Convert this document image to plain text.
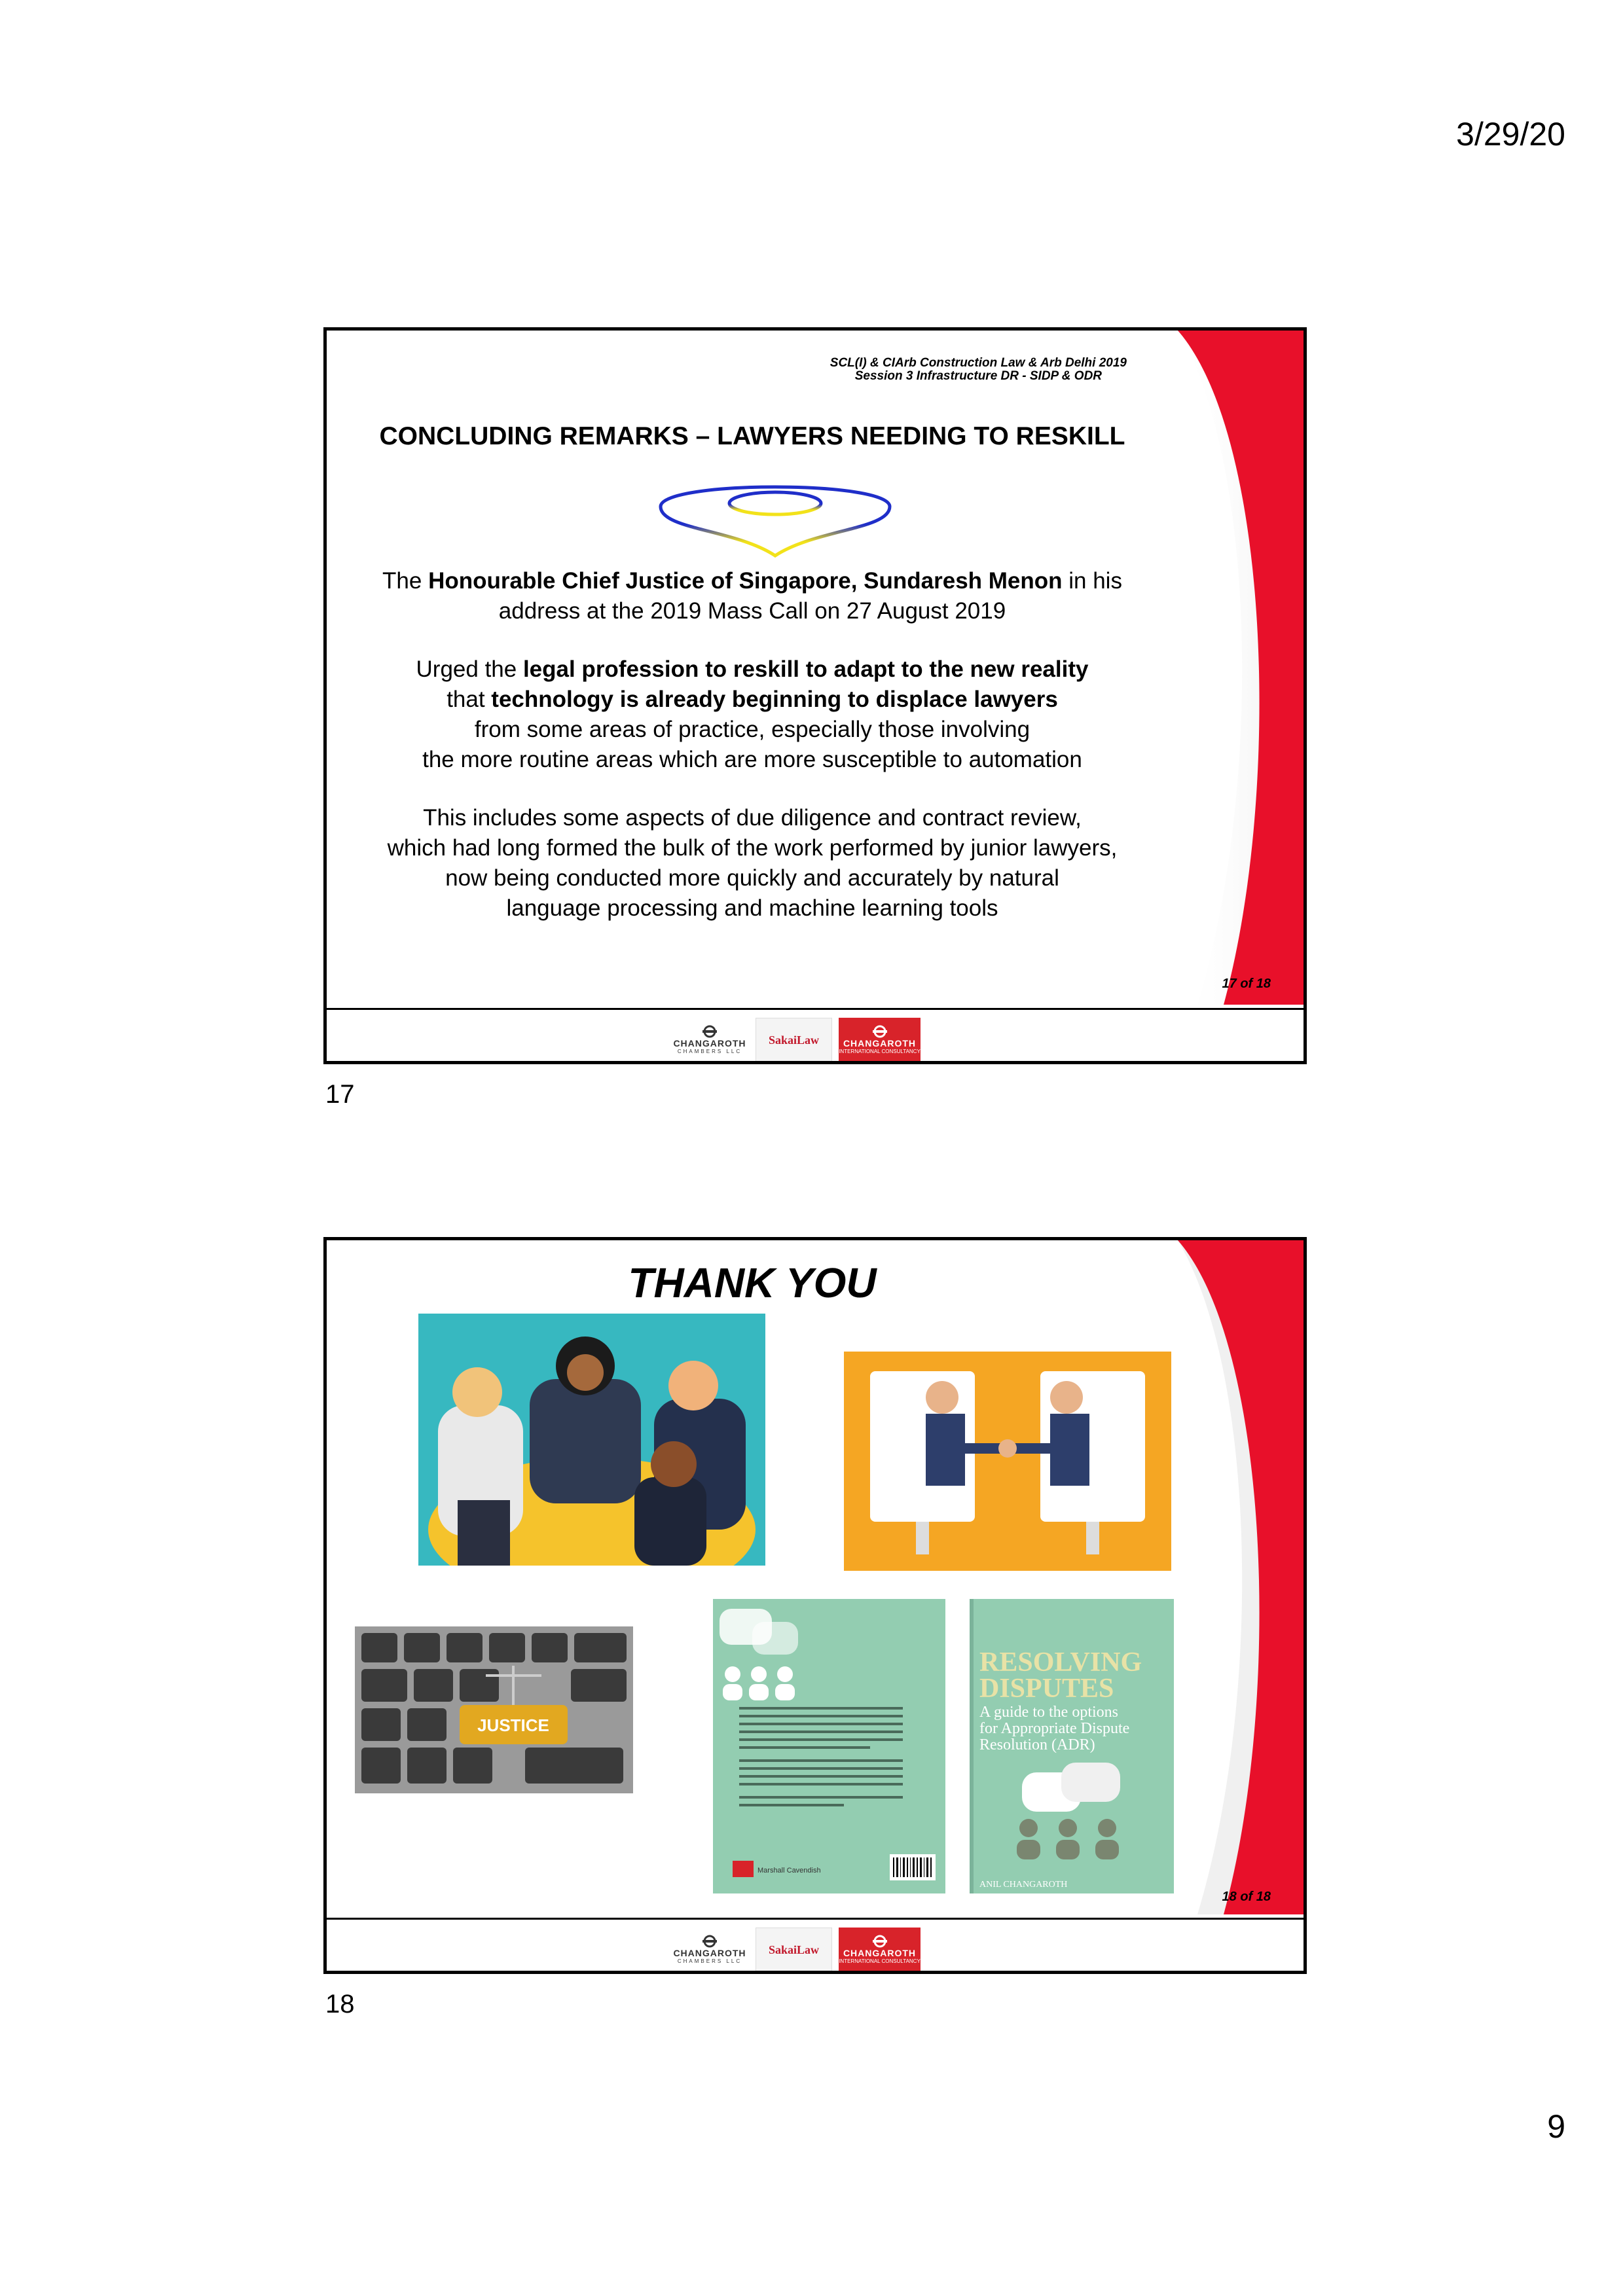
3/29/20
SCL(I) & CIArb Construction Law & Arb Delhi 2019
Session 3 Infrastructure DR - SIDP & ODR
CONCLUDING REMARKS – LAWYERS NEEDING TO RESKILL
The Honourable Chief Justice of Singapore, Sundaresh Menon in his
address at the 2019 Mass Call on 27 August 2019
Urged the legal profession to reskill to adapt to the new reality
that technology is already beginning to displace lawyers
from some areas of practice, especially those involving
the more routine areas which are more susceptible to automation
This includes some aspects of due diligence and contract review,
which had long formed the bulk of the work performed by junior lawyers,
now being conducted more quickly and accurately by natural
language processing and machine learning tools
17 of 18
CHANGAROTH
CHAMBERS LLC
SakaiLaw	CHANGAROTH
INTERNATIONAL CONSULTANCY
17
THANK YOU
JUSTICE
Marshall Cavendish
RESOLVING
DISPUTES
A guide to the options
for Appropriate Dispute
Resolution (ADR)
ANIL CHANGAROTH
18 of 18
CHANGAROTH
CHAMBERS LLC
SakaiLaw	CHANGAROTH
INTERNATIONAL CONSULTANCY
18
9
